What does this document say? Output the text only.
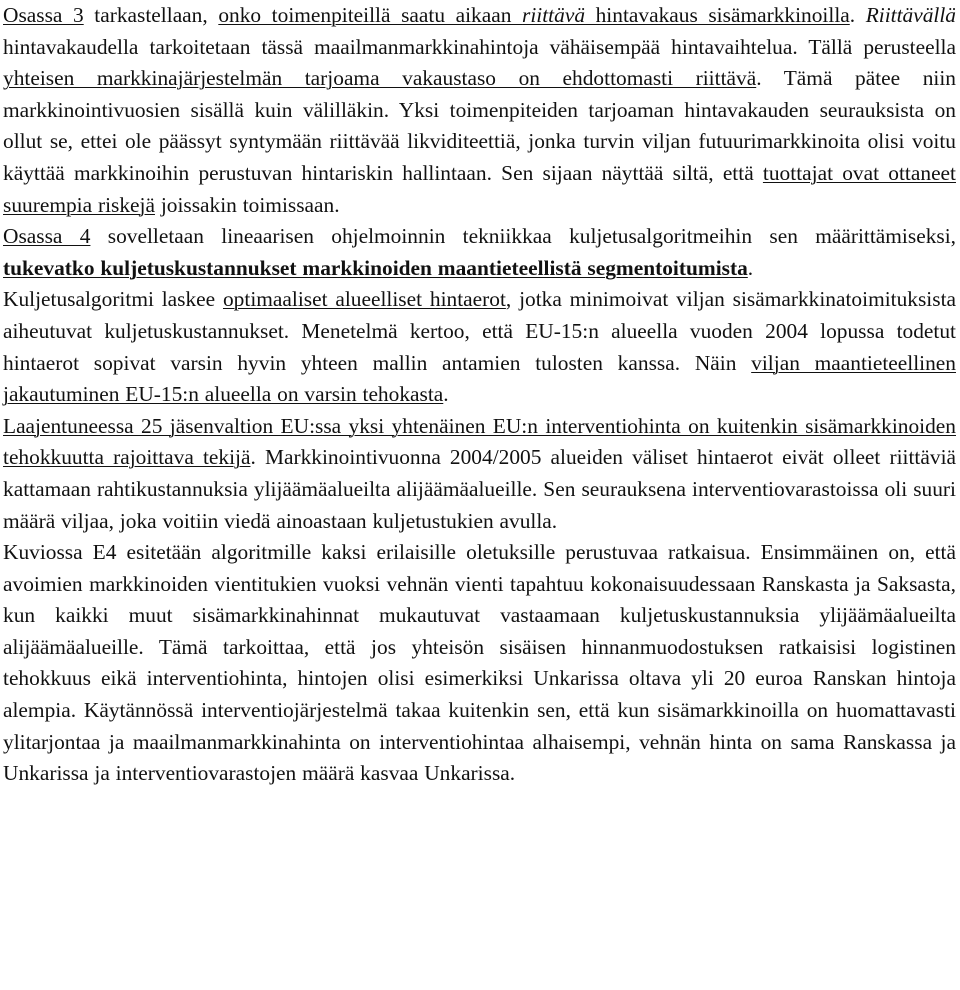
Osassa 3 tarkastellaan, onko toimenpiteillä saatu aikaan riittävä hintavakaus sisämarkkinoilla. Riittävällä hintavakaudella tarkoitetaan tässä maailmanmarkkinahintoja vähäisempää hintavaihtelua. Tällä perusteella yhteisen markkinajärjestelmän tarjoama vakaustaso on ehdottomasti riittävä. Tämä pätee niin markkinointivuosien sisällä kuin välilläkin. Yksi toimenpiteiden tarjoaman hintavakauden seurauksista on ollut se, ettei ole päässyt syntymään riittävää likviditeettiä, jonka turvin viljan futuurimarkkinoita olisi voitu käyttää markkinoihin perustuvan hintariskin hallintaan. Sen sijaan näyttää siltä, että tuottajat ovat ottaneet suurempia riskejä joissakin toimissaan.

Osassa 4 sovelletaan lineaarisen ohjelmoinnin tekniikkaa kuljetusalgoritmeihin sen määrittämiseksi, tukevatko kuljetuskustannukset markkinoiden maantieteellistä segmentoitumista.

Kuljetusalgoritmi laskee optimaaliset alueelliset hintaerot, jotka minimoivat viljan sisämarkkinatoimituksista aiheutuvat kuljetuskustannukset. Menetelmä kertoo, että EU-15:n alueella vuoden 2004 lopussa todetut hintaerot sopivat varsin hyvin yhteen mallin antamien tulosten kanssa. Näin viljan maantieteellinen jakautuminen EU-15:n alueella on varsin tehokasta.

Laajentuneessa 25 jäsenvaltion EU:ssa yksi yhtenäinen EU:n interventiohinta on kuitenkin sisämarkkinoiden tehokkuutta rajoittava tekijä. Markkinointivuonna 2004/2005 alueiden väliset hintaerot eivät olleet riittäviä kattamaan rahtikustannuksia ylijäämäalueilta alijäämäalueille. Sen seurauksena interventiovarastoissa oli suuri määrä viljaa, joka voitiin viedä ainoastaan kuljetustukien avulla.

Kuviossa E4 esitetään algoritmille kaksi erilaisille oletuksille perustuvaa ratkaisua. Ensimmäinen on, että avoimien markkinoiden vientitukien vuoksi vehnän vienti tapahtuu kokonaisuudessaan Ranskasta ja Saksasta, kun kaikki muut sisämarkkinahinnat mukautuvat vastaamaan kuljetuskustannuksia ylijäämäalueilta alijäämäalueille. Tämä tarkoittaa, että jos yhteisön sisäisen hinnanmuodostuksen ratkaisisi logistinen tehokkuus eikä interventiohinta, hintojen olisi esimerkiksi Unkarissa oltava yli 20 euroa Ranskan hintoja alempia. Käytännössä interventiojärjestelmä takaa kuitenkin sen, että kun sisämarkkinoilla on huomattavasti ylitarjontaa ja maailmanmarkkinahinta on interventiohintaa alhaisempi, vehnän hinta on sama Ranskassa ja Unkarissa ja interventiovarastojen määrä kasvaa Unkarissa.
